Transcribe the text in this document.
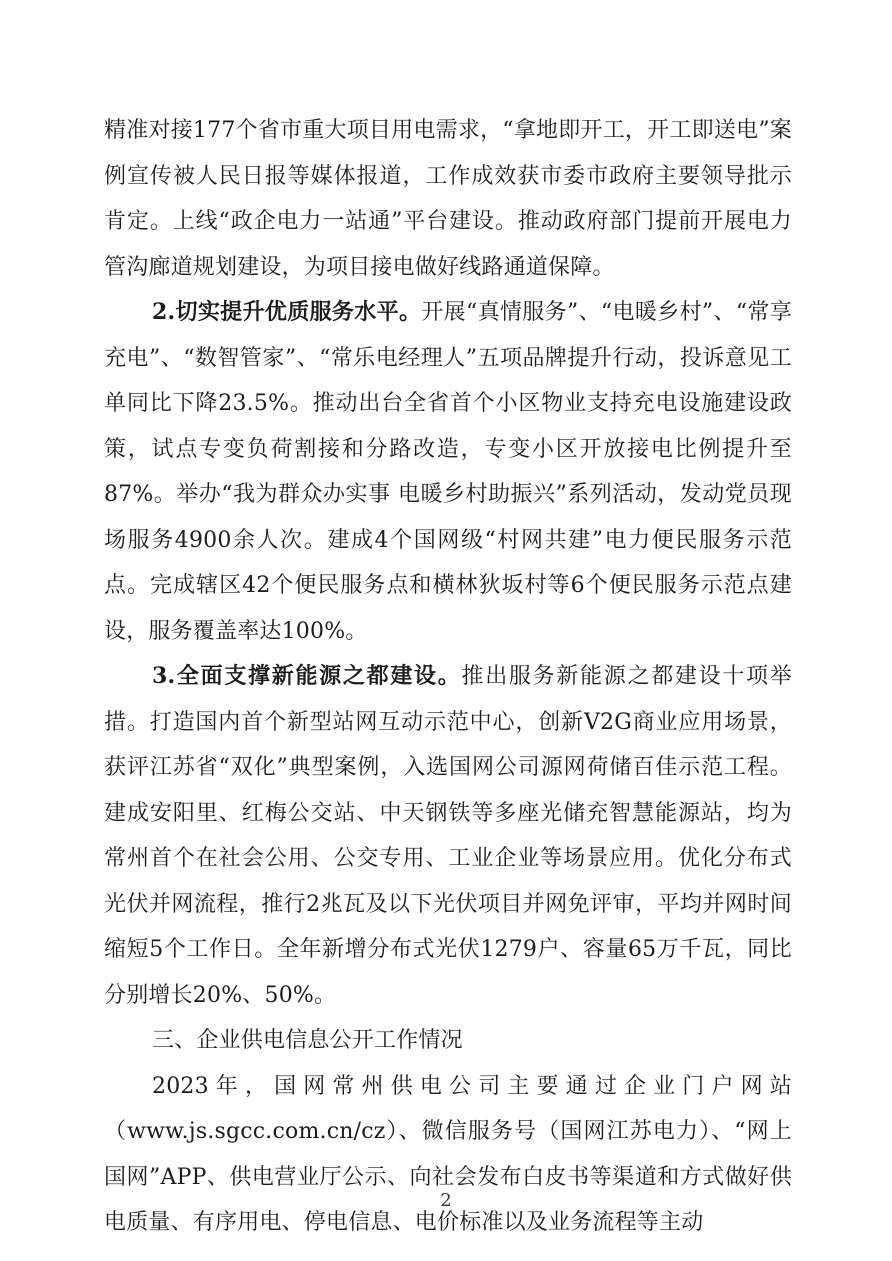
精准对接177个省市重大项目用电需求，“拿地即开工，开工即送电”案例宣传被人民日报等媒体报道，工作成效获市委市政府主要领导批示肯定。上线“政企电力一站通”平台建设。推动政府部门提前开展电力管沟廊道规划建设，为项目接电做好线路通道保障。

2.切实提升优质服务水平。开展“真情服务”、“电暖乡村”、“常享充电”、“数智管家”、“常乐电经理人”五项品牌提升行动，投诉意见工单同比下降23.5%。推动出台全省首个小区物业支持充电设施建设政策，试点专变负荷割接和分路改造，专变小区开放接电比例提升至87%。举办“我为群众办实事 电暖乡村助振兴”系列活动，发动党员现场服务4900余人次。建成4个国网级“村网共建”电力便民服务示范点。完成辖区42个便民服务点和横林狄坂村等6个便民服务示范点建设，服务覆盖率达100%。

3.全面支撑新能源之都建设。推出服务新能源之都建设十项举措。打造国内首个新型站网互动示范中心，创新V2G商业应用场景，获评江苏省“双化”典型案例，入选国网公司源网荷储百佳示范工程。建成安阳里、红梅公交站、中天钢铁等多座光储充智慧能源站，均为常州首个在社会公用、公交专用、工业企业等场景应用。优化分布式光伏并网流程，推行2兆瓦及以下光伏项目并网免评审，平均并网时间缩短5个工作日。全年新增分布式光伏1279户、容量65万千瓦，同比分别增长20%、50%。

三、企业供电信息公开工作情况

2023年，国网常州供电公司主要通过企业门户网站（www.js.sgcc.com.cn/cz）、微信服务号（国网江苏电力）、“网上国网”APP、供电营业厅公示、向社会发布白皮书等渠道和方式做好供电质量、有序用电、停电信息、电价标准以及业务流程等主动

2
